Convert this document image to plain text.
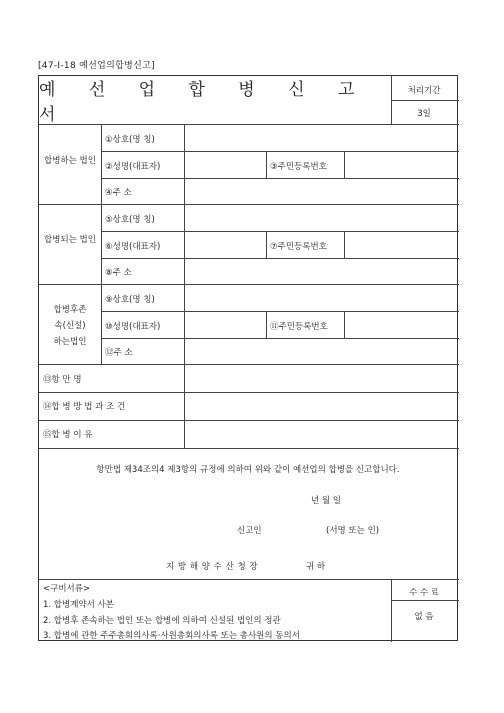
[47-Ⅰ-18 예선업의합병신고]
예 선 업 합 병 신 고 서
처리기간
3일
합병하는 법인
①상호(명 칭)
②성명(대표자)	③주민등록번호
④주 소
합병되는 법인
⑤상호(명 칭)
⑥성명(대표자)	⑦주민등록번호
⑧주 소
합병후존
속(신설)
하는법인
⑨상호(명 칭)
⑩성명(대표자)	⑪주민등록번호
⑫주 소
⑬항 만 명
⑭합 병 방 법 과 조 건
⑮합 병 이 유
항만법 제34조의4 제3항의 규정에 의하여 위와 같이 예선업의 합병을 신고합니다.
년 월 일
신고인	(서명 또는 인)
지 방 해 양 수 산 청 장	귀 하
<구비서류>
1. 합병계약서 사본
2. 합병후 존속하는 법인 또는 합병에 의하여 신설된 법인의 정관
3. 합병에 관한 주주총회의사록·사원총회의사록 또는 총사원의 동의서
수 수 료
없 음
